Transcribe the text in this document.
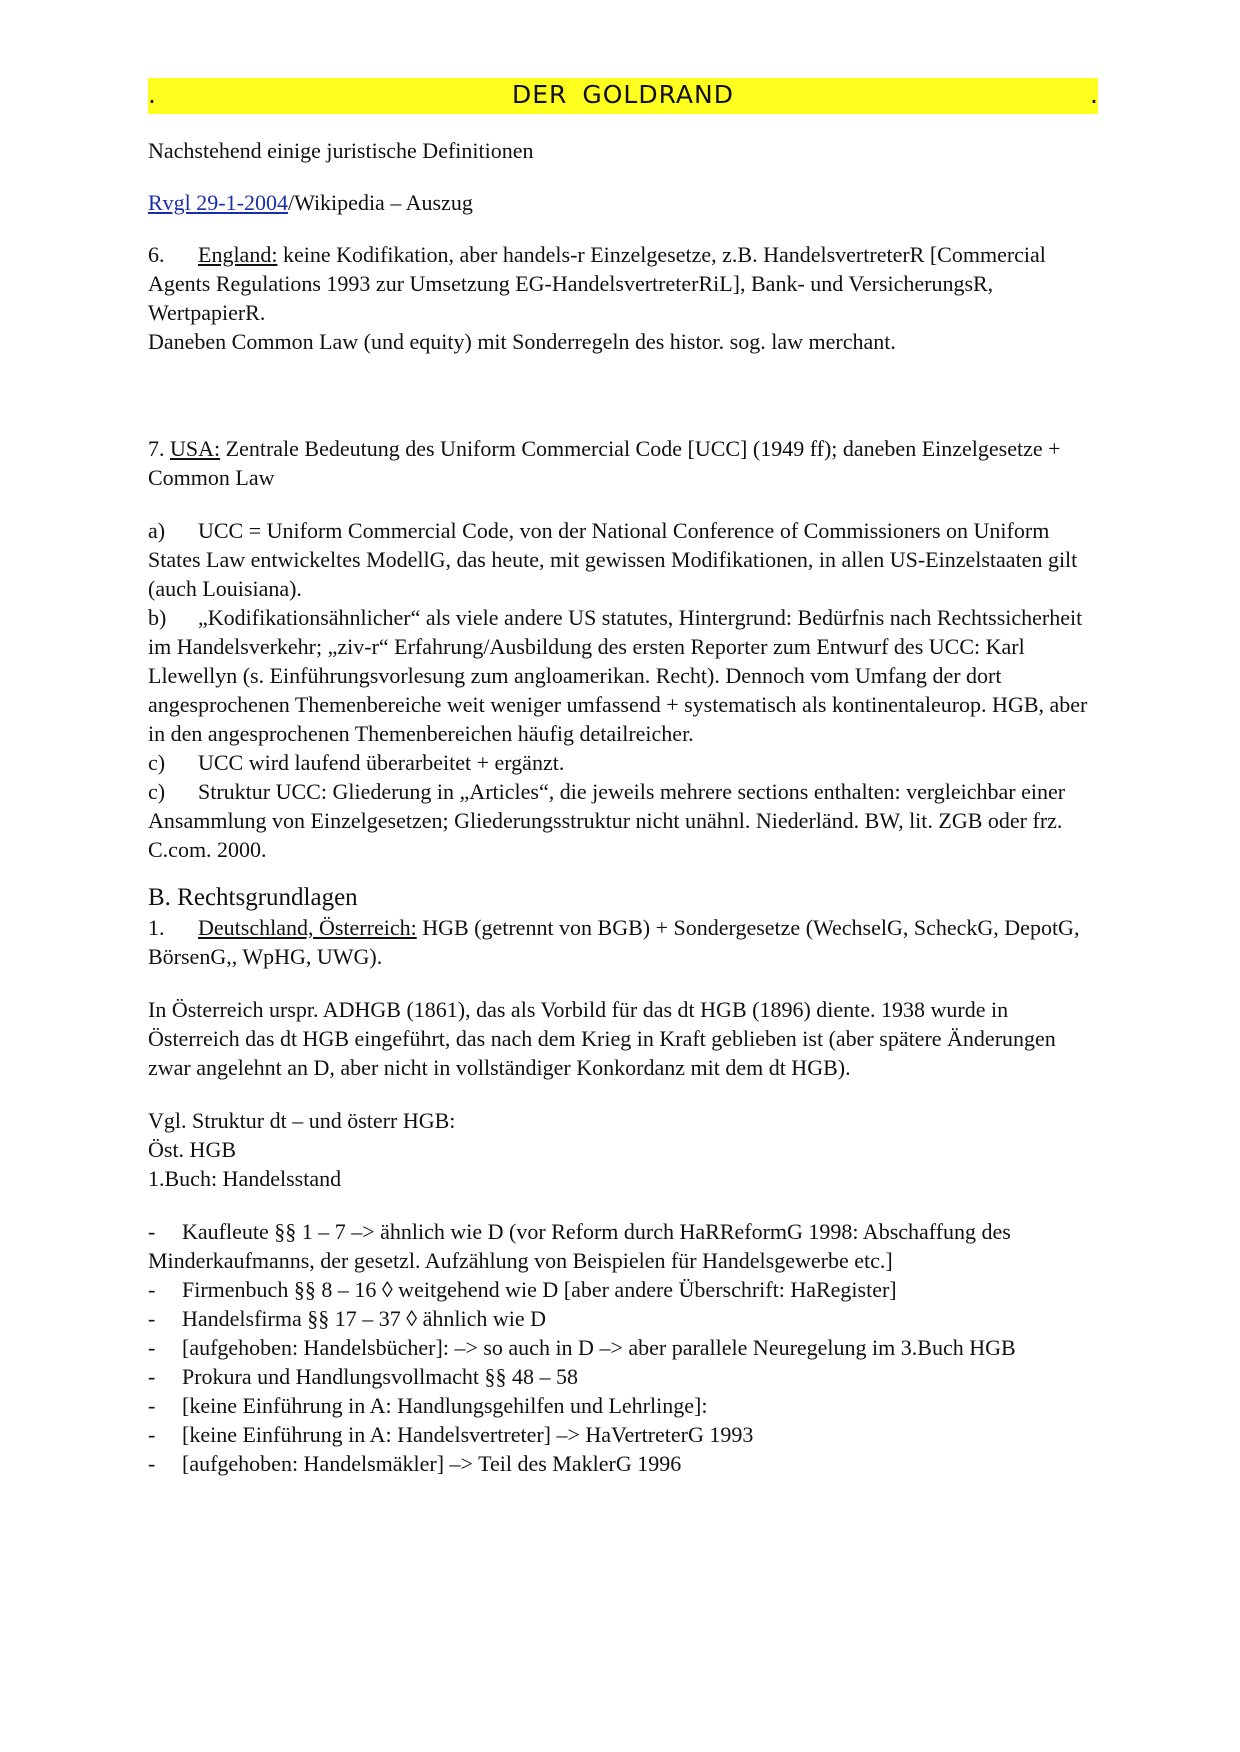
.	DER GOLDRAND	.

Nachstehend einige juristische Definitionen

Rvgl 29-1-2004/Wikipedia – Auszug

6. England: keine Kodifikation, aber handels-r Einzelgesetze, z.B. HandelsvertreterR [Commercial Agents Regulations 1993 zur Umsetzung EG-HandelsvertreterRiL], Bank- und VersicherungsR, WertpapierR.

Daneben Common Law (und equity) mit Sonderregeln des histor. sog. law merchant.

7. USA: Zentrale Bedeutung des Uniform Commercial Code [UCC] (1949 ff); daneben Einzelgesetze + Common Law

a) UCC = Uniform Commercial Code, von der National Conference of Commissioners on Uniform States Law entwickeltes ModellG, das heute, mit gewissen Modifikationen, in allen US-Einzelstaaten gilt (auch Louisiana).

b) „Kodifikationsähnlicher“ als viele andere US statutes, Hintergrund: Bedürfnis nach Rechtssicherheit im Handelsverkehr; „ziv-r“ Erfahrung/Ausbildung des ersten Reporter zum Entwurf des UCC: Karl Llewellyn (s. Einführungsvorlesung zum angloamerikan. Recht). Dennoch vom Umfang der dort angesprochenen Themenbereiche weit weniger umfassend + systematisch als kontinentaleurop. HGB, aber in den angesprochenen Themenbereichen häufig detailreicher.

c) UCC wird laufend überarbeitet + ergänzt.

c) Struktur UCC: Gliederung in „Articles“, die jeweils mehrere sections enthalten: vergleichbar einer Ansammlung von Einzelgesetzen; Gliederungsstruktur nicht unähnl. Niederländ. BW, lit. ZGB oder frz. C.com. 2000.

B. Rechtsgrundlagen

1. Deutschland, Österreich: HGB (getrennt von BGB) + Sondergesetze (WechselG, ScheckG, DepotG, BörsenG,, WpHG, UWG).

In Österreich urspr. ADHGB (1861), das als Vorbild für das dt HGB (1896) diente. 1938 wurde in Österreich das dt HGB eingeführt, das nach dem Krieg in Kraft geblieben ist (aber spätere Änderungen zwar angelehnt an D, aber nicht in vollständiger Konkordanz mit dem dt HGB).

Vgl. Struktur dt – und österr HGB:

Öst. HGB

1.Buch: Handelsstand

- Kaufleute §§ 1 – 7 –> ähnlich wie D (vor Reform durch HaRReformG 1998: Abschaffung des Minderkaufmanns, der gesetzl. Aufzählung von Beispielen für Handelsgewerbe etc.]

- Firmenbuch §§ 8 – 16 ◊ weitgehend wie D [aber andere Überschrift: HaRegister]

- Handelsfirma §§ 17 – 37 ◊ ähnlich wie D

- [aufgehoben: Handelsbücher]: –> so auch in D –> aber parallele Neuregelung im 3.Buch HGB

- Prokura und Handlungsvollmacht §§ 48 – 58

- [keine Einführung in A: Handlungsgehilfen und Lehrlinge]:

- [keine Einführung in A: Handelsvertreter] –> HaVertreterG 1993

- [aufgehoben: Handelsmäkler] –> Teil des MaklerG 1996
